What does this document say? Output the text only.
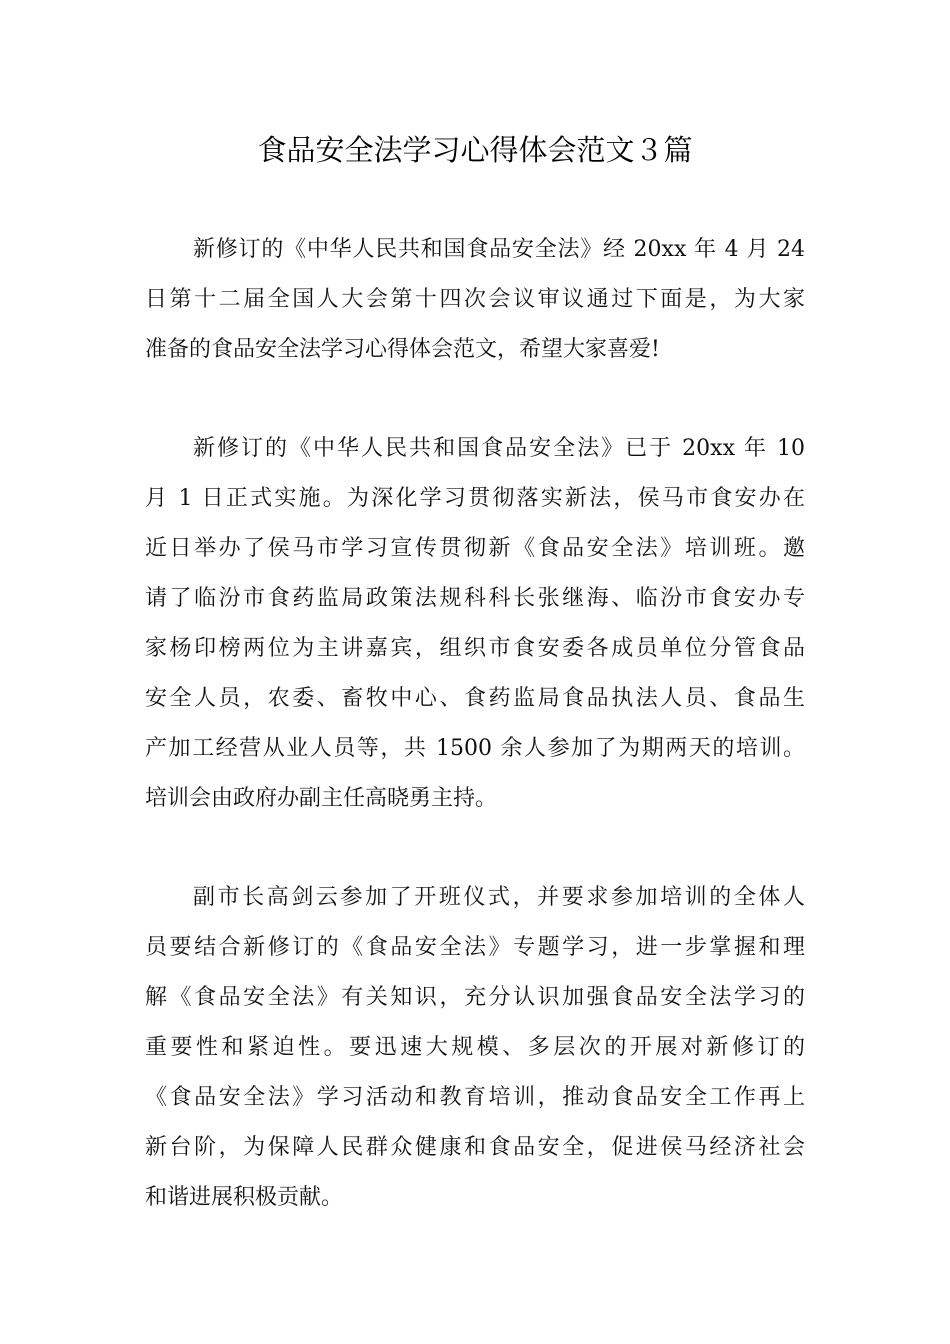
食品安全法学习心得体会范文３篇
新修订的《中华人民共和国食品安全法》经 20xx 年 4 月 24
日第十二届全国人大会第十四次会议审议通过下面是，为大家
准备的食品安全法学习心得体会范文，希望大家喜爱!
新修订的《中华人民共和国食品安全法》已于 20xx 年 10
月 1 日正式实施。为深化学习贯彻落实新法，侯马市食安办在
近日举办了侯马市学习宣传贯彻新《食品安全法》培训班。邀
请了临汾市食药监局政策法规科科长张继海、临汾市食安办专
家杨印榜两位为主讲嘉宾，组织市食安委各成员单位分管食品
安全人员，农委、畜牧中心、食药监局食品执法人员、食品生
产加工经营从业人员等，共 1500 余人参加了为期两天的培训。
培训会由政府办副主任高晓勇主持。
副市长高剑云参加了开班仪式，并要求参加培训的全体人
员要结合新修订的《食品安全法》专题学习，进一步掌握和理
解《食品安全法》有关知识，充分认识加强食品安全法学习的
重要性和紧迫性。要迅速大规模、多层次的开展对新修订的
《食品安全法》学习活动和教育培训，推动食品安全工作再上
新台阶，为保障人民群众健康和食品安全，促进侯马经济社会
和谐进展积极贡献。
